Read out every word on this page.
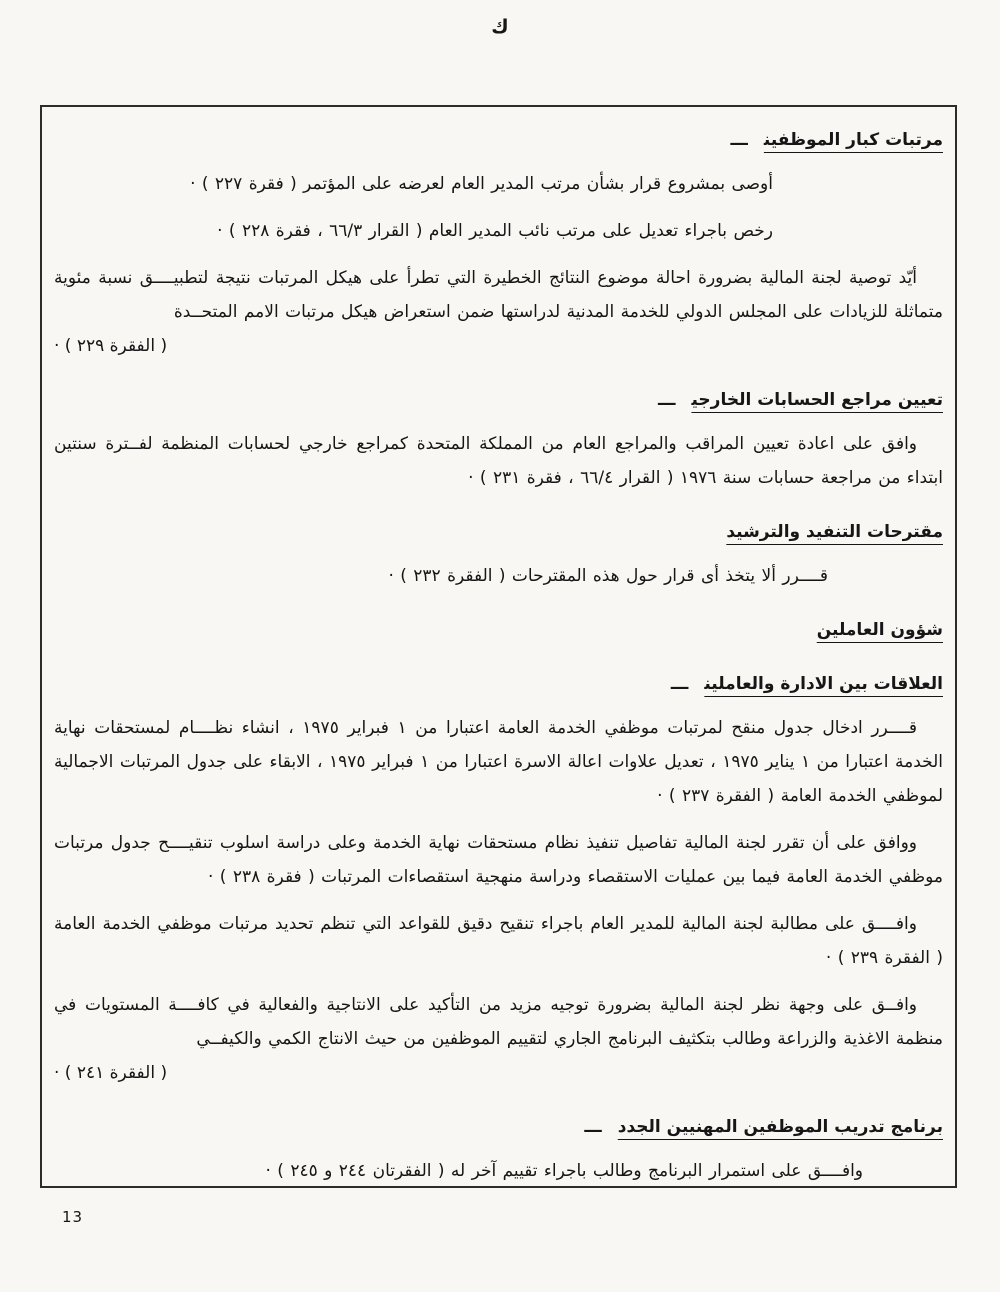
ك
مرتبات كبار الموظفينـــ

أوصى بمشروع قرار بشأن مرتب المدير العام لعرضه على المؤتمر ( فقرة ٢٢٧ ) ·

رخص باجراء تعديل على مرتب نائب المدير العام ( القرار ٦٦/٣ ، فقرة ٢٢٨ ) ·

أيّد توصية لجنة المالية بضرورة احالة موضوع النتائج الخطيرة التي تطرأ على هيكل المرتبات نتيجة لتطبيــــق نسبة مئوية متماثلة للزيادات على المجلس الدولي للخدمة المدنية لدراستها ضمن استعراض هيكل مرتبات الامم المتحــدة

( الفقرة ٢٢٩ ) ·

تعيين مراجع الحسابات الخارجيـــ

وافق على اعادة تعيين المراقب والمراجع العام من المملكة المتحدة كمراجع خارجي لحسابات المنظمة لفــترة سنتين ابتداء من مراجعة حسابات سنة ١٩٧٦ ( القرار ٦٦/٤ ، فقرة ٢٣١ ) ·

مقترحات التنفيد والترشيد

قــــرر ألا يتخذ أى قرار حول هذه المقترحات ( الفقرة ٢٣٢ ) ·

شؤون العاملين
العلاقات بين الادارة والعاملينـــ

قــــرر ادخال جدول منقح لمرتبات موظفي الخدمة العامة اعتبارا من ١ فبراير ١٩٧٥ ، انشاء نظــــام لمستحقات نهاية الخدمة اعتبارا من ١ يناير ١٩٧٥ ، تعديل علاوات اعالة الاسرة اعتبارا من ١ فبراير ١٩٧٥ ، الابقاء على جدول المرتبات الاجمالية لموظفي الخدمة العامة ( الفقرة ٢٣٧ ) ·

ووافق على أن تقرر لجنة المالية تفاصيل تنفيذ نظام مستحقات نهاية الخدمة وعلى دراسة اسلوب تنقيــــح جدول مرتبات موظفي الخدمة العامة فيما بين عمليات الاستقصاء ودراسة منهجية استقصاءات المرتبات ( فقرة ٢٣٨ ) ·

وافــــق على مطالبة لجنة المالية للمدير العام باجراء تنقيح دقيق للقواعد التي تنظم تحديد مرتبات موظفي الخدمة العامة ( الفقرة ٢٣٩ ) ·

وافــق على وجهة نظر لجنة المالية بضرورة توجيه مزيد من التأكيد على الانتاجية والفعالية في كافــــة المستويات في منظمة الاغذية والزراعة وطالب بتكثيف البرنامج الجاري لتقييم الموظفين من حيث الانتاج الكمي والكيفــي

( الفقرة ٢٤١ ) ·

برنامج تدريب الموظفين المهنيين الجددـــ

وافــــق على استمرار البرنامج وطالب باجراء تقييم آخر له ( الفقرتان ٢٤٤ و ٢٤٥ ) ·

13
